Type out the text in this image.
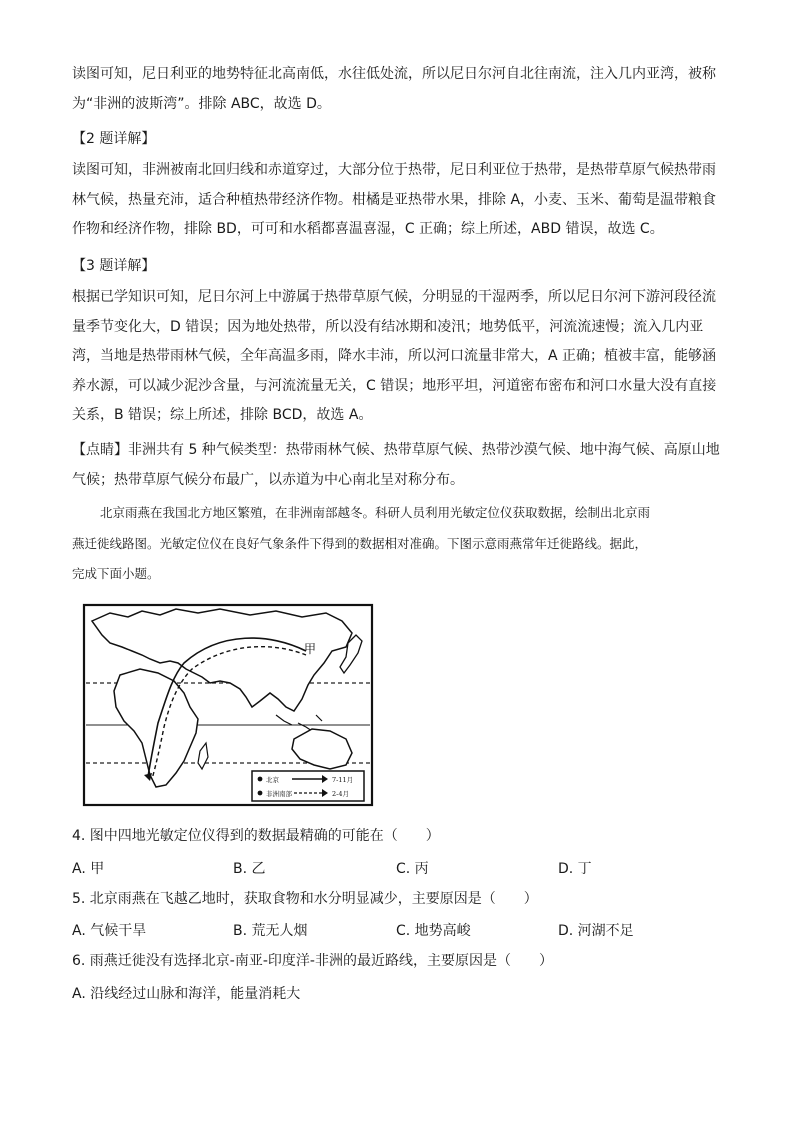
读图可知，尼日利亚的地势特征北高南低，水往低处流，所以尼日尔河自北往南流，注入几内亚湾，被称
为“非洲的波斯湾”。排除 ABC，故选 D。
【2 题详解】
读图可知，非洲被南北回归线和赤道穿过，大部分位于热带，尼日利亚位于热带，是热带草原气候热带雨
林气候，热量充沛，适合种植热带经济作物。柑橘是亚热带水果，排除 A，小麦、玉米、葡萄是温带粮食
作物和经济作物，排除 BD，可可和水稻都喜温喜湿，C 正确；综上所述，ABD 错误，故选 C。
【3 题详解】
根据已学知识可知，尼日尔河上中游属于热带草原气候，分明显的干湿两季，所以尼日尔河下游河段径流
量季节变化大，D 错误；因为地处热带，所以没有结冰期和凌汛；地势低平，河流流速慢；流入几内亚
湾，当地是热带雨林气候，全年高温多雨，降水丰沛，所以河口流量非常大，A 正确；植被丰富，能够涵
养水源，可以减少泥沙含量，与河流流量无关，C 错误；地形平坦，河道密布密布和河口水量大没有直接
关系，B 错误；综上所述，排除 BCD，故选 A。
【点睛】非洲共有 5 种气候类型：热带雨林气候、热带草原气候、热带沙漠气候、地中海气候、高原山地
气候；热带草原气候分布最广，以赤道为中心南北呈对称分布。
北京雨燕在我国北方地区繁殖，在非洲南部越冬。科研人员利用光敏定位仪获取数据，绘制出北京雨
燕迁徙线路图。光敏定位仪在良好气象条件下得到的数据相对准确。下图示意雨燕常年迁徙路线。据此，
完成下面小题。
甲
北京	7-11月
非洲南部	2-4月
4. 图中四地光敏定位仪得到的数据最精确的可能在（　　）
A. 甲	B. 乙	C. 丙	D. 丁
5. 北京雨燕在飞越乙地时，获取食物和水分明显减少，主要原因是（　　）
A. 气候干旱	B. 荒无人烟	C. 地势高峻	D. 河湖不足
6. 雨燕迁徙没有选择北京-南亚-印度洋-非洲的最近路线，主要原因是（　　）
A. 沿线经过山脉和海洋，能量消耗大
